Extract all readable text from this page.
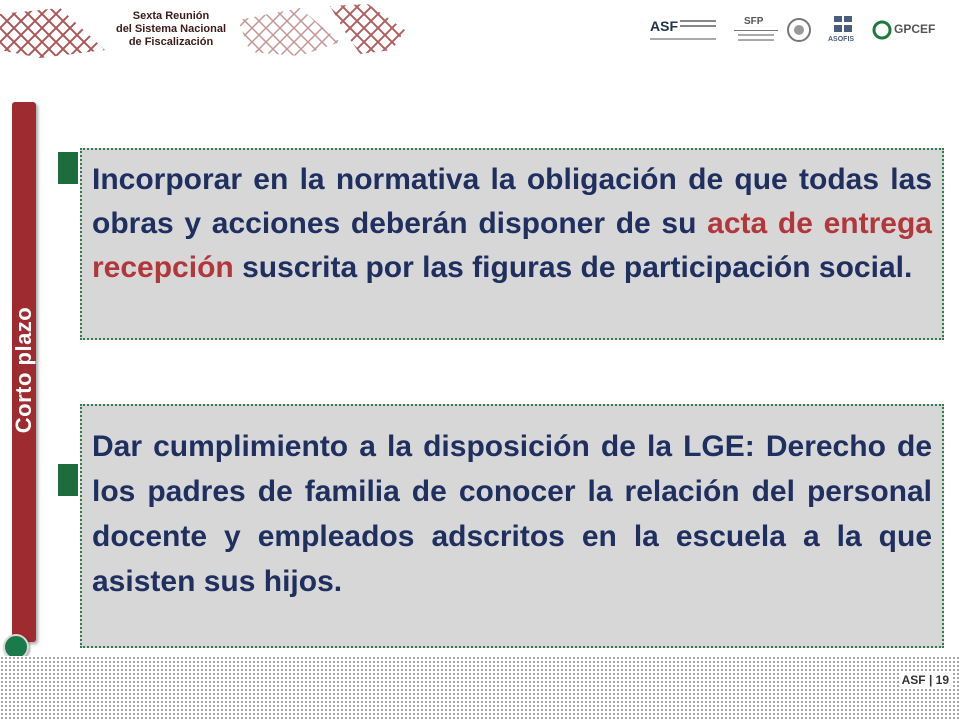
Sexta Reunión
del Sistema Nacional
de Fiscalización
ASF	SFP
ASOFIS
GPCEF
Corto plazo

Incorporar en la normativa la obligación de que todas las obras y acciones deberán disponer de su acta de entrega recepción suscrita por las figuras de participación social.

Dar cumplimiento a la disposición de la LGE: Derecho de los padres de familia de conocer la relación del personal docente y empleados adscritos en la escuela a la que asisten sus hijos.

ASF | 19
